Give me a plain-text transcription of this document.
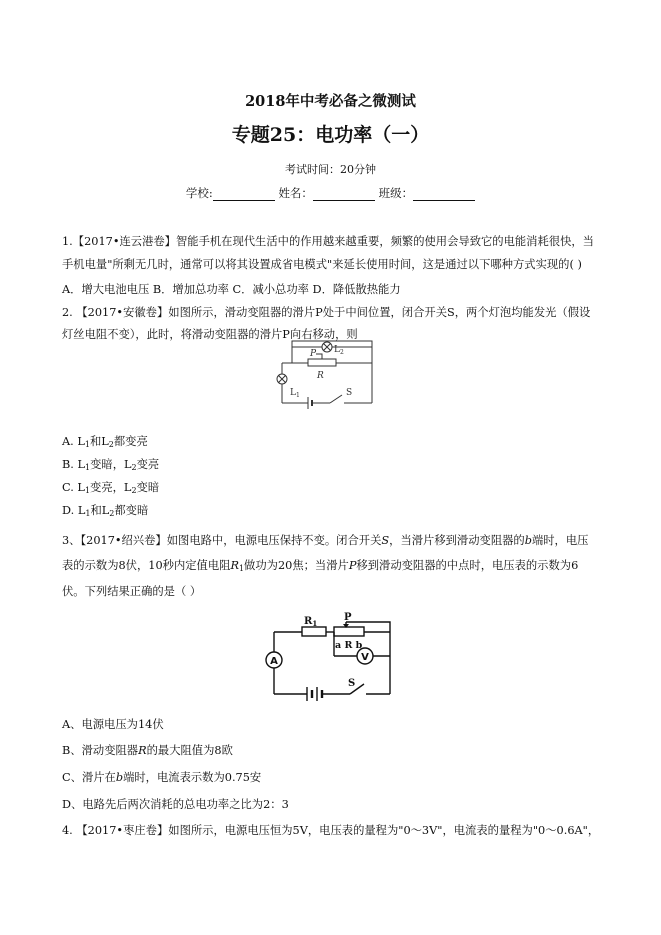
2018年中考必备之微测试
专题25：电功率（一）
考试时间：20分钟
学校:	姓名：	班级：
1.【2017•连云港卷】智能手机在现代生活中的作用越来越重要，频繁的使用会导致它的电能消耗很快，当
手机电量"所剩无几时，通常可以将其设置成省电模式"来延长使用时间，这是通过以下哪种方式实现的( )
A．增大电池电压 B．增加总功率 C．减小总功率 D．降低散热能力
2. 【2017•安徽卷】如图所示，滑动变阻器的滑片P处于中间位置，闭合开关S，两个灯泡均能发光（假设
灯丝电阻不变），此时，将滑动变阻器的滑片P向右移动，则
$L_2$
P
R
$L_1$	S
A. $L_1$和$L_2$都变亮
B. $L_1$变暗，$L_2$变亮
C. $L_1$变亮，$L_2$变暗
D. $L_1$和$L_2$都变暗
3、【2017•绍兴卷】如图电路中，电源电压保持不变。闭合开关S，当滑片移到滑动变阻器的b端时，电压
表的示数为8伏，10秒内定值电阻$R_1$做功为20焦；当滑片P移到滑动变阻器的中点时，电压表的示数为6
伏。下列结果正确的是（ ）
$R_1$
P
a R b
A	V
S
A、电源电压为14伏
B、滑动变阻器R的最大阻值为8欧
C、滑片在b端时，电流表示数为0.75安
D、电路先后两次消耗的总电功率之比为2：3
4. 【2017•枣庄卷】如图所示，电源电压恒为5V，电压表的量程为"0～3V"，电流表的量程为"0～0.6A"，
